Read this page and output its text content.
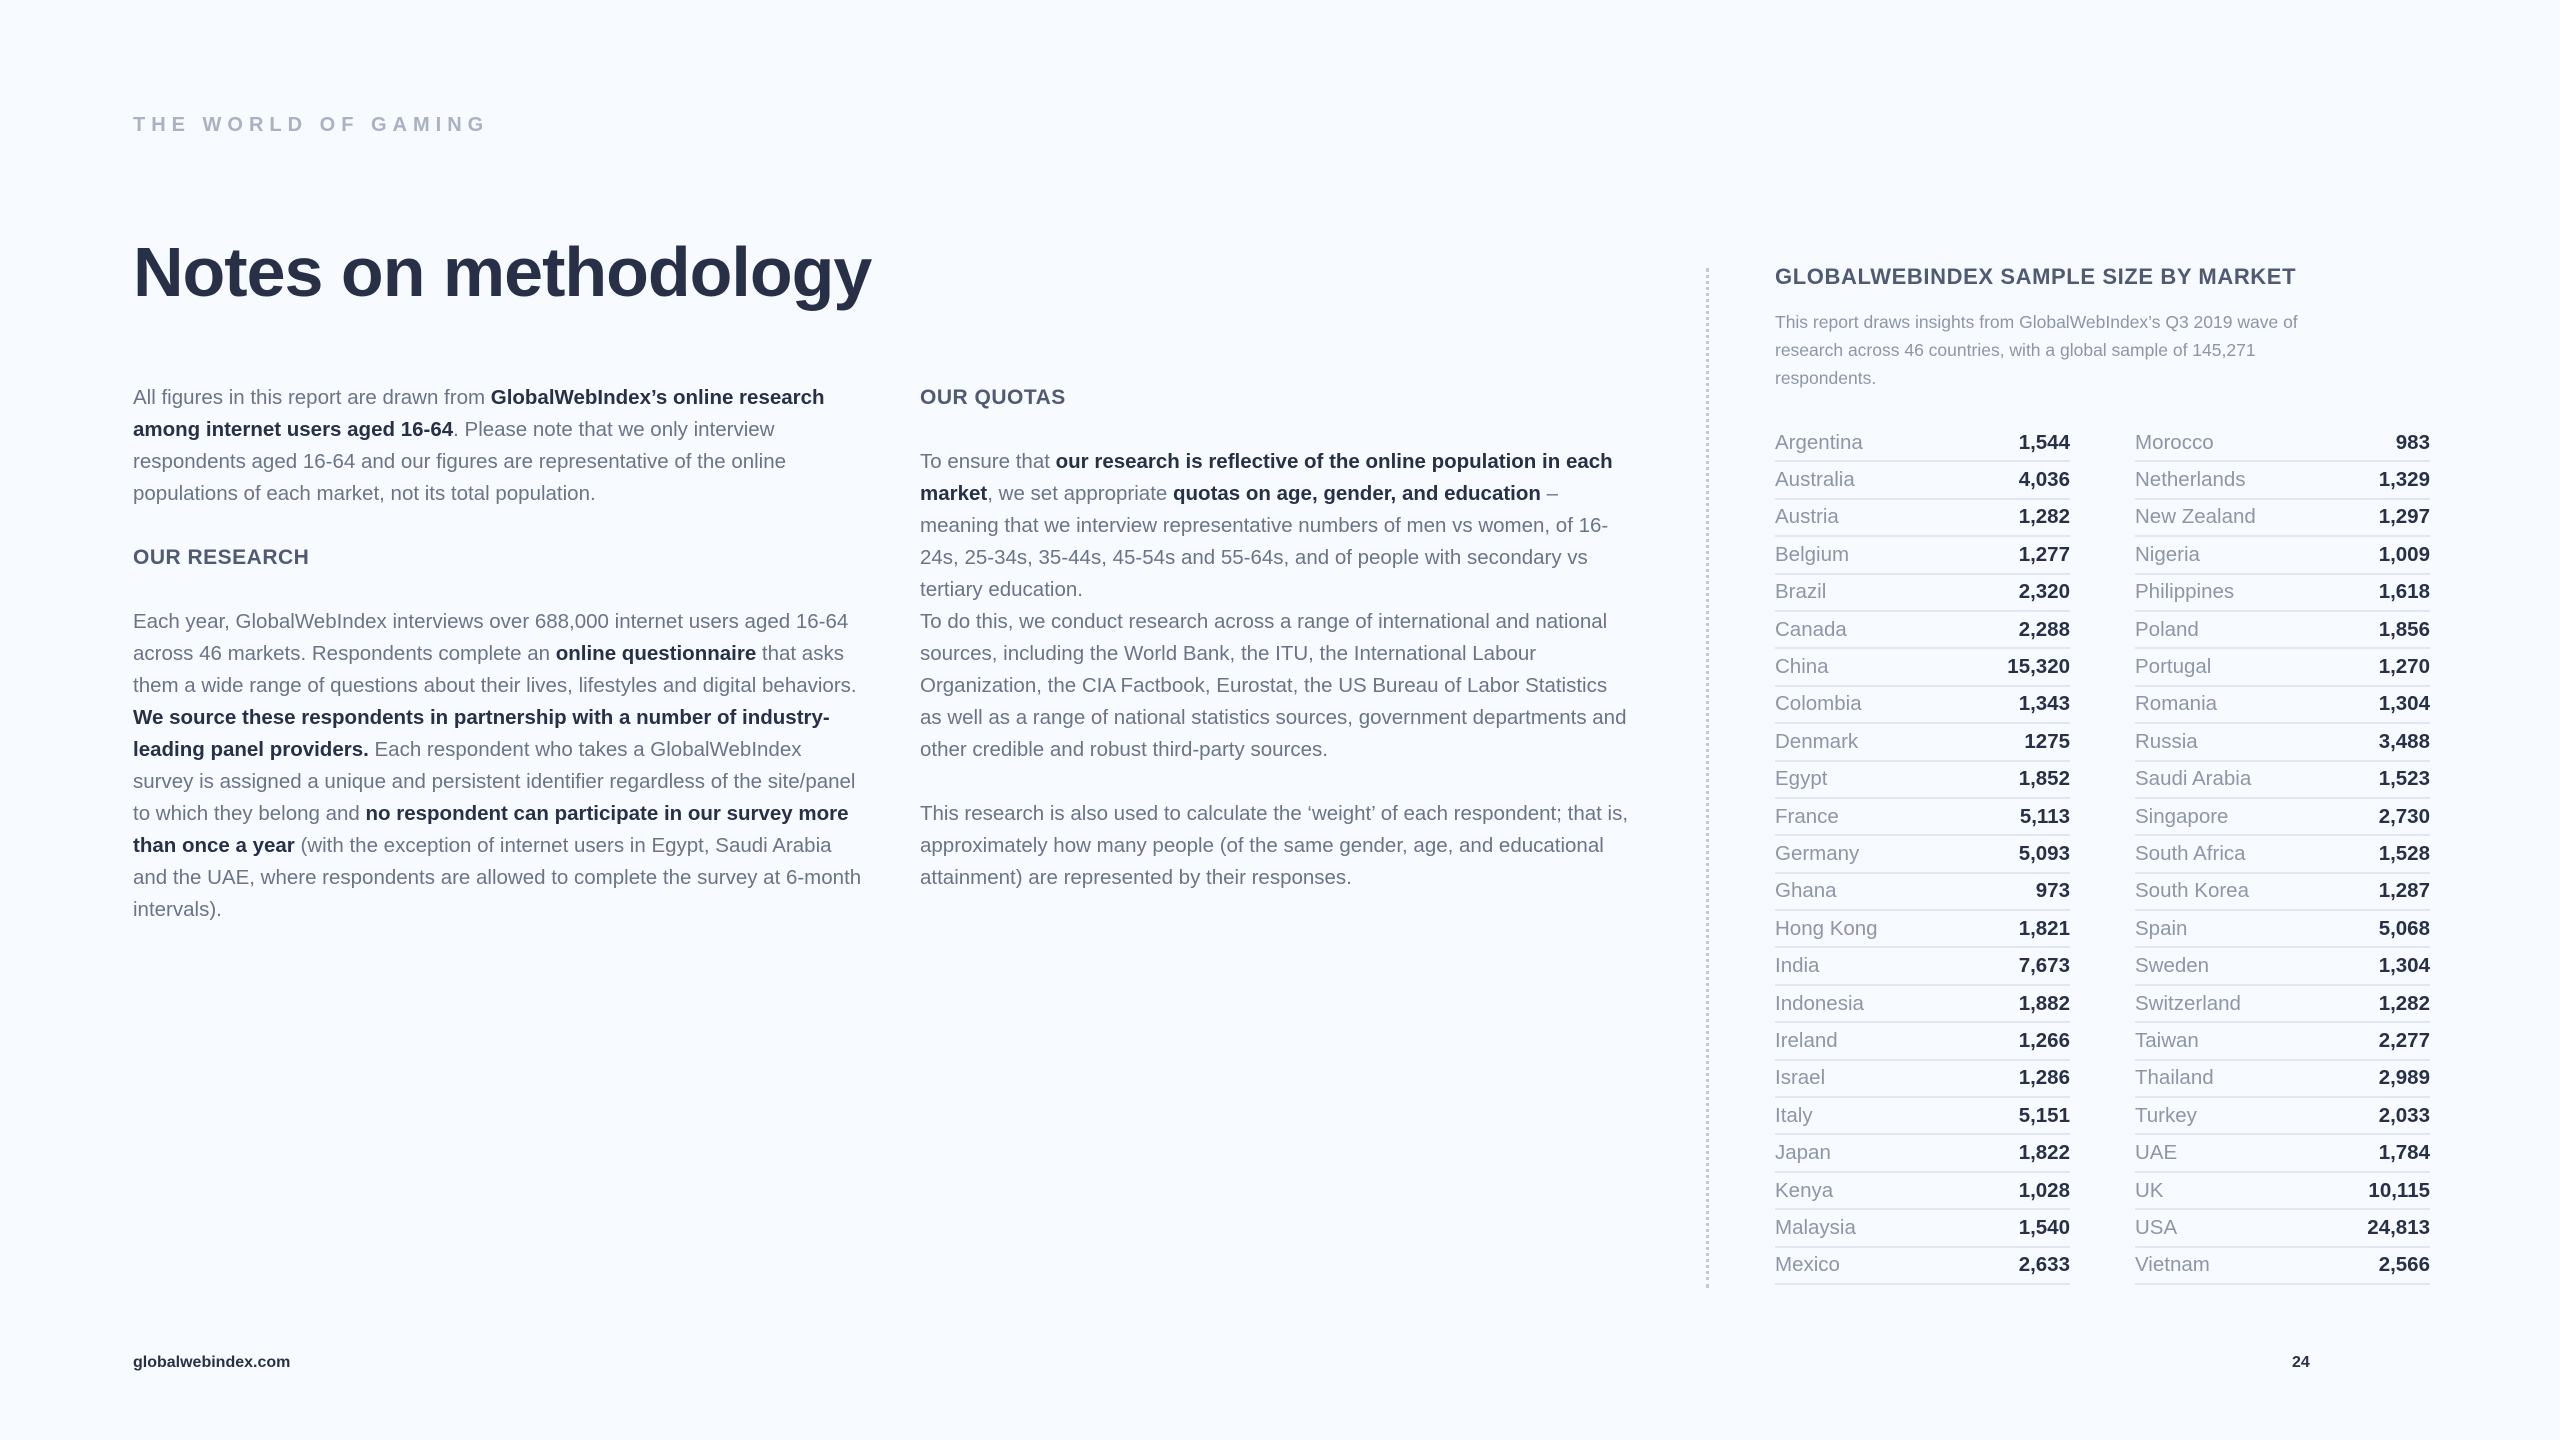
THE WORLD OF GAMING
Notes on methodology

All figures in this report are drawn from GlobalWebIndex’s online research among internet users aged 16-64. Please note that we only interview respondents aged 16-64 and our figures are representative of the online populations of each market, not its total population.

OUR RESEARCH

Each year, GlobalWebIndex interviews over 688,000 internet users aged 16-64 across 46 markets. Respondents complete an online questionnaire that asks them a wide range of questions about their lives, lifestyles and digital behaviors. We source these respondents in partnership with a number of industry-leading panel providers. Each respondent who takes a GlobalWebIndex survey is assigned a unique and persistent identifier regardless of the site/panel to which they belong and no respondent can participate in our survey more than once a year (with the exception of internet users in Egypt, Saudi Arabia and the UAE, where respondents are allowed to complete the survey at 6-month intervals).

OUR QUOTAS

To ensure that our research is reflective of the online population in each market, we set appropriate quotas on age, gender, and education – meaning that we interview representative numbers of men vs women, of 16-24s, 25-34s, 35-44s, 45-54s and 55-64s, and of people with secondary vs tertiary education.

To do this, we conduct research across a range of international and national sources, including the World Bank, the ITU, the International Labour Organization, the CIA Factbook, Eurostat, the US Bureau of Labor Statistics as well as a range of national statistics sources, government departments and other credible and robust third-party sources.

This research is also used to calculate the ‘weight’ of each respondent; that is, approximately how many people (of the same gender, age, and educational attainment) are represented by their responses.

GLOBALWEBINDEX SAMPLE SIZE BY MARKET
This report draws insights from GlobalWebIndex’s Q3 2019 wave of research across 46 countries, with a global sample of 145,271 respondents.
Argentina	1,544
Australia	4,036
Austria	1,282
Belgium	1,277
Brazil	2,320
Canada	2,288
China	15,320
Colombia	1,343
Denmark	1275
Egypt	1,852
France	5,113
Germany	5,093
Ghana	973
Hong Kong	1,821
India	7,673
Indonesia	1,882
Ireland	1,266
Israel	1,286
Italy	5,151
Japan	1,822
Kenya	1,028
Malaysia	1,540
Mexico	2,633
Morocco	983
Netherlands	1,329
New Zealand	1,297
Nigeria	1,009
Philippines	1,618
Poland	1,856
Portugal	1,270
Romania	1,304
Russia	3,488
Saudi Arabia	1,523
Singapore	2,730
South Africa	1,528
South Korea	1,287
Spain	5,068
Sweden	1,304
Switzerland	1,282
Taiwan	2,277
Thailand	2,989
Turkey	2,033
UAE	1,784
UK	10,115
USA	24,813
Vietnam	2,566
globalwebindex.com	24
